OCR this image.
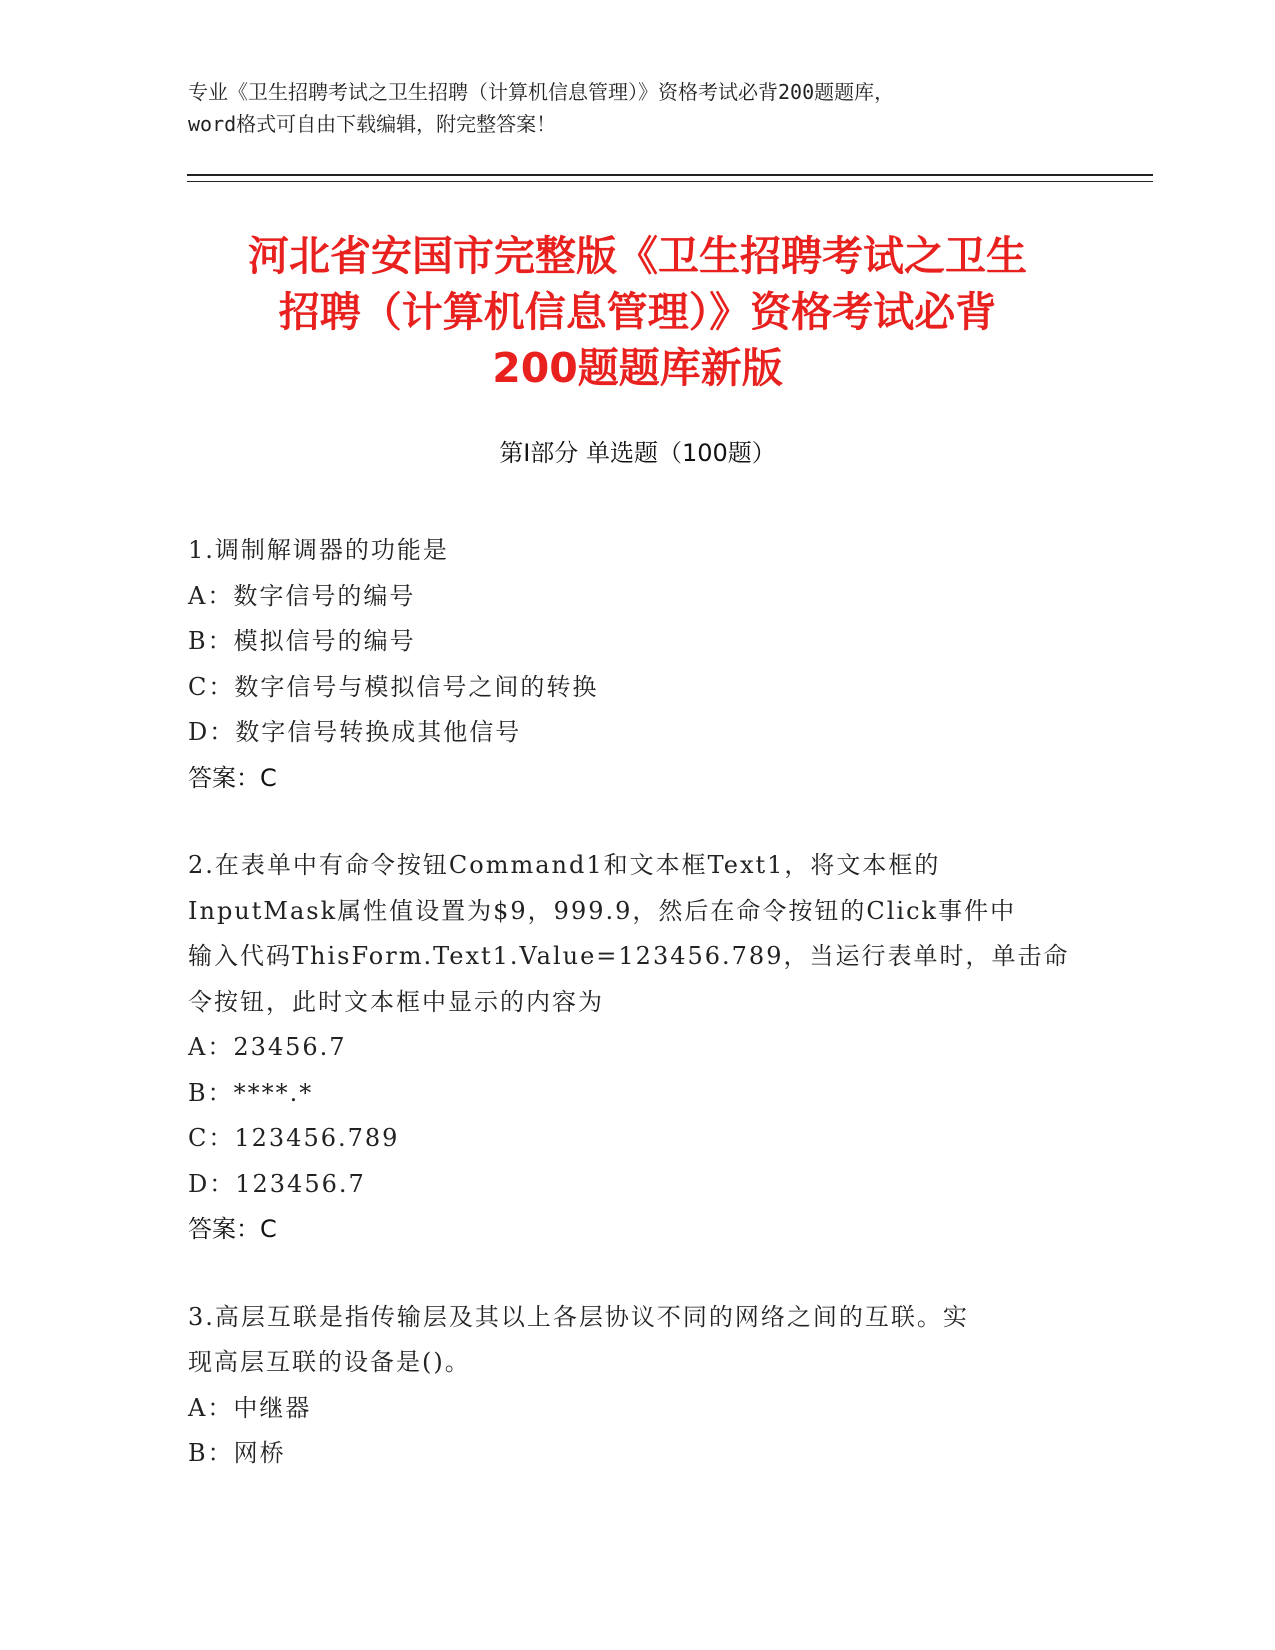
专业《卫生招聘考试之卫生招聘（计算机信息管理）》资格考试必背200题题库，
word格式可自由下载编辑，附完整答案！
河北省安国市完整版《卫生招聘考试之卫生
招聘（计算机信息管理）》资格考试必背
200题题库新版
第Ⅰ部分 单选题（100题）
1.调制解调器的功能是
A：数字信号的编号
B：模拟信号的编号
C：数字信号与模拟信号之间的转换
D：数字信号转换成其他信号
答案：C
2.在表单中有命令按钮Command1和文本框Text1，将文本框的
InputMask属性值设置为$9，999.9，然后在命令按钮的Click事件中
输入代码ThisForm.Text1.Value=123456.789，当运行表单时，单击命
令按钮，此时文本框中显示的内容为
A：23456.7
B：****.*
C：123456.789
D：123456.7
答案：C
3.高层互联是指传输层及其以上各层协议不同的网络之间的互联。实
现高层互联的设备是()。
A：中继器
B：网桥
